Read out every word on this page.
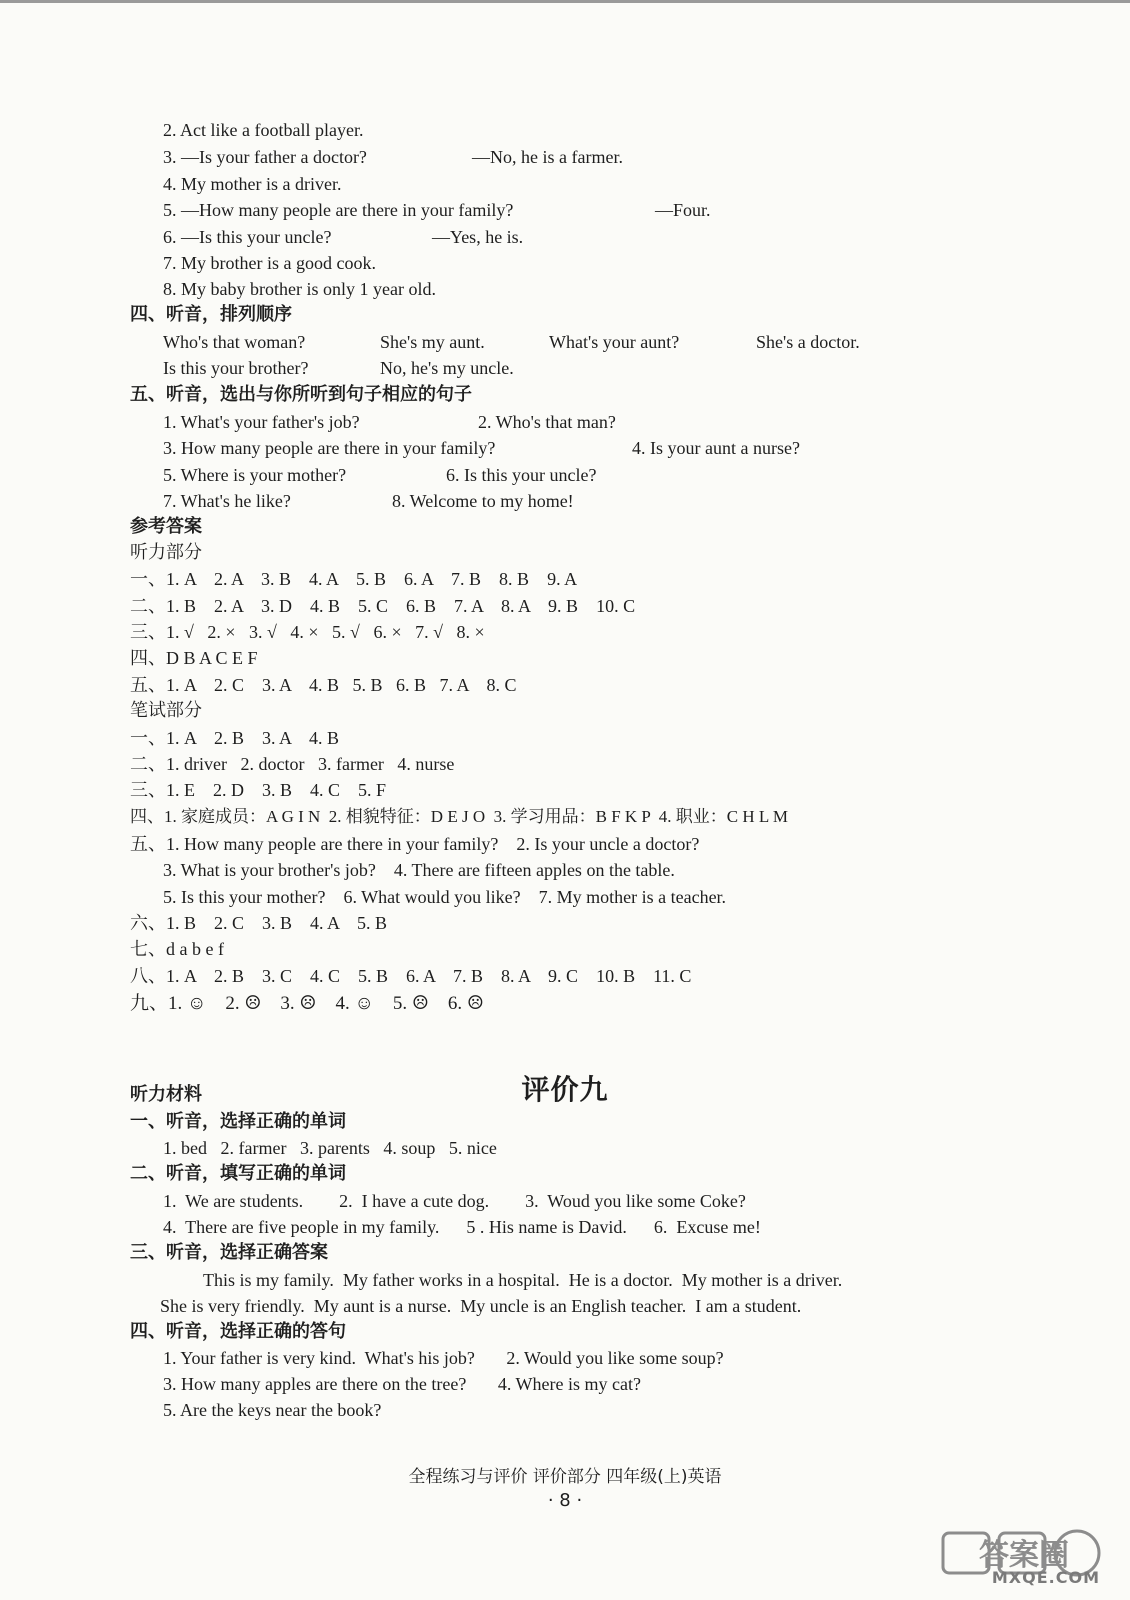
2. Act like a football player.
3. —Is your father a doctor?	—No, he is a farmer.
4. My mother is a driver.
5. —How many people are there in your family?	—Four.
6. —Is this your uncle?	—Yes, he is.
7. My brother is a good cook.
8. My baby brother is only 1 year old.
四、听音，排列顺序
Who's that woman?	She's my aunt.	What's your aunt?	She's a doctor.
Is this your brother?	No, he's my uncle.
五、听音，选出与你所听到句子相应的句子
1. What's your father's job?	2. Who's that man?
3. How many people are there in your family?	4. Is your aunt a nurse?
5. Where is your mother?	6. Is this your uncle?
7. What's he like?	8. Welcome to my home!
参考答案
听力部分
一、1. A    2. A    3. B    4. A    5. B    6. A    7. B    8. B    9. A
二、1. B    2. A    3. D    4. B    5. C    6. B    7. A    8. A    9. B    10. C
三、1. √   2. ×   3. √   4. ×   5. √   6. ×   7. √   8. ×
四、D B A C E F
五、1. A    2. C    3. A    4. B   5. B   6. B   7. A    8. C
笔试部分
一、1. A    2. B    3. A    4. B
二、1. driver   2. doctor   3. farmer   4. nurse
三、1. E    2. D    3. B    4. C    5. F
四、1. 家庭成员：A G I N  2. 相貌特征：D E J O  3. 学习用品：B F K P  4. 职业：C H L M
五、1. How many people are there in your family?    2. Is your uncle a doctor?
3. What is your brother's job?    4. There are fifteen apples on the table.
5. Is this your mother?    6. What would you like?    7. My mother is a teacher.
六、1. B    2. C    3. B    4. A    5. B
七、d a b e f
八、1. A    2. B    3. C    4. C    5. B    6. A    7. B    8. A    9. C    10. B    11. C
九、1. ☺    2. ☹    3. ☹    4. ☺    5. ☹    6. ☹
评价九
听力材料
一、听音，选择正确的单词
1. bed   2. farmer   3. parents   4. soup   5. nice
二、听音，填写正确的单词
1.  We are students.        2.  I have a cute dog.        3.  Woud you like some Coke?
4.  There are five people in my family.      5 . His name is David.      6.  Excuse me!
三、听音，选择正确答案
This is my family.  My father works in a hospital.  He is a doctor.  My mother is a driver.
She is very friendly.  My aunt is a nurse.  My uncle is an English teacher.  I am a student.
四、听音，选择正确的答句
1. Your father is very kind.  What's his job?       2. Would you like some soup?
3. How many apples are there on the tree?       4. Where is my cat?
5. Are the keys near the book?
全程练习与评价 评价部分 四年级(上)英语
· 8 ·
答案圈
MXQE.COM
